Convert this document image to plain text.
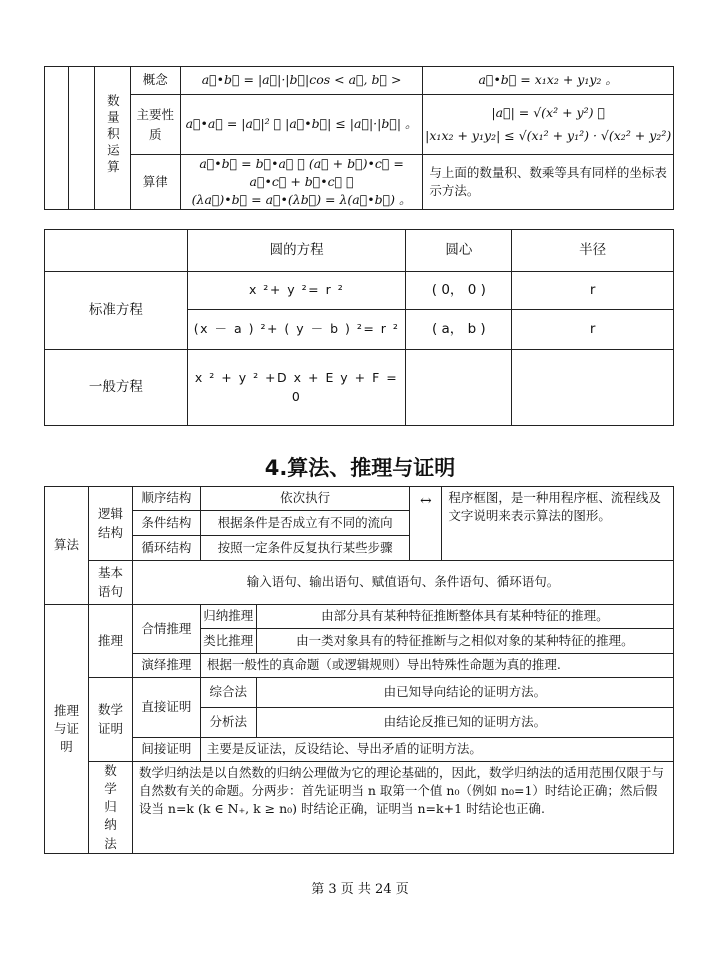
		数量积运算	概念	a⃗•b⃗ = |a⃗|·|b⃗|cos < a⃗, b⃗ >	a⃗•b⃗ = x₁x₂ + y₁y₂ 。
			主要性质	a⃗•a⃗ = |a⃗|² ， |a⃗•b⃗| ≤ |a⃗|·|b⃗| 。	|a⃗| = √(x² + y²) ，
|x₁x₂ + y₁y₂| ≤ √(x₁² + y₁²) · √(x₂² + y₂²)

			算律	a⃗•b⃗ = b⃗•a⃗ ， (a⃗ + b⃗)•c⃗ = a⃗•c⃗ + b⃗•c⃗ ，
(λa⃗)•b⃗ = a⃗•(λb⃗) = λ(a⃗•b⃗) 。	与上面的数量积、数乘等具有同样的坐标表示方法。
	圆的方程	圆心	半径
标准方程	x ²+ y ²= r ²	( 0， 0 )	r
	(x － a ) ²+ ( y － b ) ²= r ²	( a， b )	r
一般方程	x ² + y ² +D x + E y + F = 0		
4.算法、推理与证明
算法	逻辑结构	顺序结构	依次执行		↔	程序框图，是一种用程序框、流程线及文字说明来表示算法的图形。
		条件结构	根据条件是否成立有不同的流向			
		循环结构	按照一定条件反复执行某些步骤			
	基本语句	输入语句、输出语句、赋值语句、条件语句、循环语句。				
推理与证明	推理	合情推理	归纳推理	由部分具有某种特征推断整体具有某种特征的推理。		
			类比推理	由一类对象具有的特征推断与之相似对象的某种特征的推理。		
		演绎推理	根据一般性的真命题（或逻辑规则）导出特殊性命题为真的推理.			
	数学证明	直接证明	综合法	由已知导向结论的证明方法。		
			分析法	由结论反推已知的证明方法。		
		间接证明	主要是反证法，反设结论、导出矛盾的证明方法。			
	数学归纳法	数学归纳法是以自然数的归纳公理做为它的理论基础的，因此，数学归纳法的适用范围仅限于与自然数有关的命题。分两步：首先证明当 n 取第一个值 n₀（例如 n₀=1）时结论正确；然后假设当 n=k (k ∈ N₊, k ≥ n₀) 时结论正确，证明当 n=k+1 时结论也正确.				
第 3 页 共 24 页
